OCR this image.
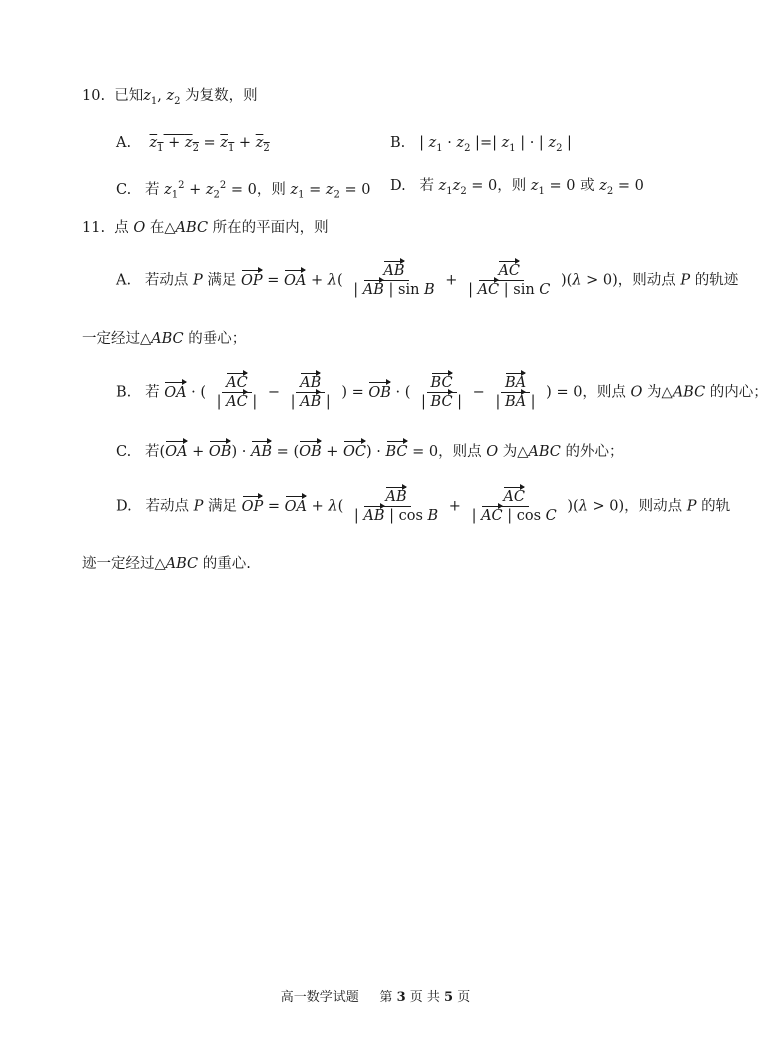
10.  已知$z_1$, $z_2$ 为复数，则
A. $z_1 + z_2 = z_1 + z_2$	B.   | $z_1 \cdot z_2$ |=| $z_1$ | · | $z_2$ |
C.   若 $z_1^2 + z_2^2 = 0$，则 $z_1 = z_2 = 0$ D.   若 $z_1z_2 = 0$，则 $z_1 = 0$ 或 $z_2 = 0$
11.  点 O 在△ABC 所在的平面内，则
A.   若动点 P 满足 OP = OA + $\lambda( \frac{AB}{\text{| AB | sin B}} + \frac{AC}{\text{| AC | sin C}} )(\lambda > 0)$，则动点 P 的轨迹
一定经过△ABC 的垂心；
B.   若 OA · ( $\frac{AC}{| AC |} - \frac{AB}{| AB |}$ ) = OB · ( $\frac{BC}{| BC |} - \frac{BA}{| BA |}$ ) = 0，则点 O 为△ABC 的内心；
C.   若(OA + OB) · AB = (OB + OC) · BC = 0，则点 O 为△ABC 的外心；
D.   若动点 P 满足 OP = OA + $\lambda( \frac{AB}{\text{| AB | cos B}} + \frac{AC}{\text{| AC | cos C}} )(\lambda > 0)$，则动点 P 的轨
迹一定经过△ABC 的重心.
高一数学试题 第 3 页 共 5 页
